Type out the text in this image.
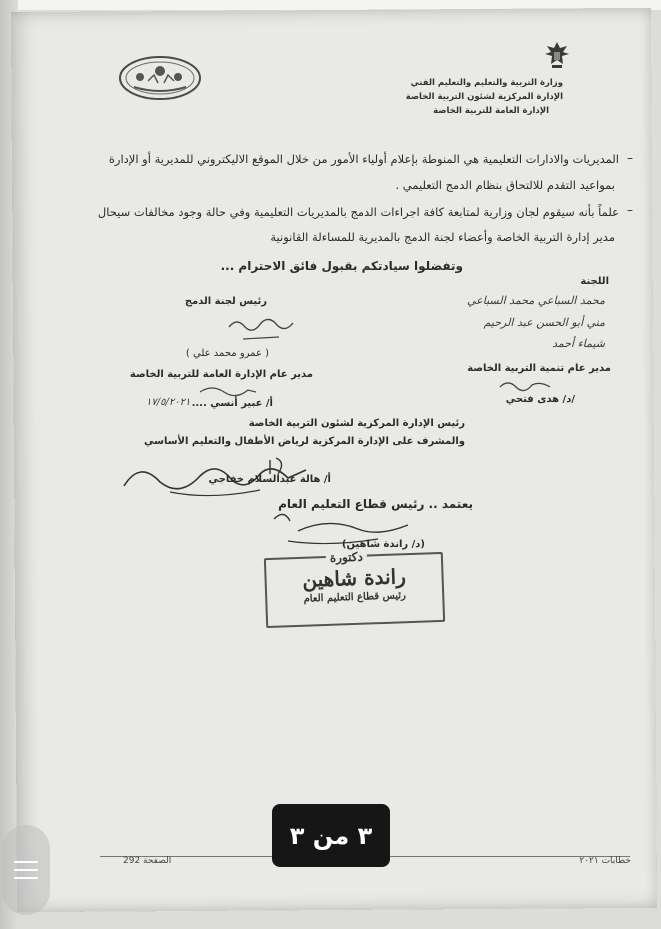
وزارة التربية والتعليم والتعليم الفني
الإدارة المركزية لشئون التربية الخاصة
الإدارة العامة للتربية الخاصة
–
المديريات والادارات التعليمية هي المنوطة بإعلام أولياء الأمور من خلال الموقع الاليكتروني للمديرية أو الإدارة
بمواعيد التقدم للالتحاق بنظام الدمج التعليمي .
–
علماً بأنه سيقوم لجان وزارية لمتابعة كافة اجراءات الدمج بالمديريات التعليمية وفي حالة وجود مخالفات سيحال
مدير إدارة التربية الخاصة وأعضاء لجنة الدمج بالمديرية للمساءلة القانونية
وتفضلوا سيادتكم بقبول فائق الاحترام ...
اللجنة
محمد السباعي محمد السباعي
مني أبو الحسن عبد الرحيم
شيماء أحمد
مدير عام تنمية التربية الخاصة
/د/ هدى فتحي
رئيس لجنة الدمج
( عمرو محمد علي )
مدير عام الإدارة العامة للتربية الخاصة
أ/ عبير أنسي ....
١٧/٥/٢٠٢١
رئيس الإدارة المركزية لشئون التربية الخاصة
والمشرف على الإدارة المركزية لرياض الأطفال والتعليم الأساسي
أ/ هالة عبدالسلام خفاجي
يعتمد .. رئيس قطاع التعليم العام
(د/ راندة شاهين)
دكتورة
راندة شاهين
رئيس قطاع التعليم العام
الصفحة 292	خطابات ٢٠٢١
٣ من ٣
